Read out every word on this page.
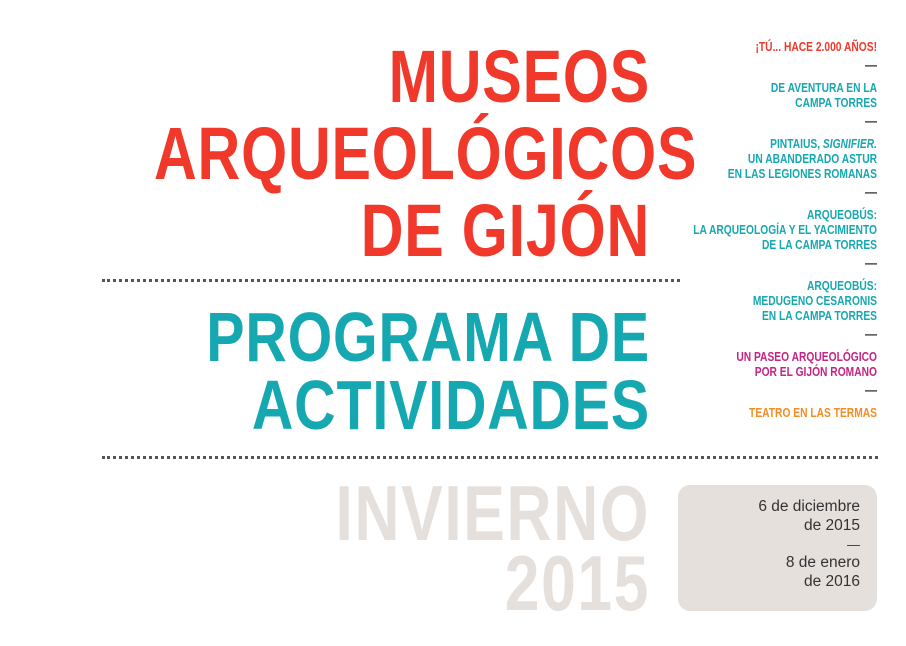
MUSEOS
ARQUEOLÓGICOS
DE GIJÓN
PROGRAMA DE
ACTIVIDADES
INVIERNO
2015
¡TÚ... HACE 2.000 AÑOS!
—
DE AVENTURA EN LA
CAMPA TORRES
—
PINTAIUS, SIGNIFIER.
UN ABANDERADO ASTUR
EN LAS LEGIONES ROMANAS
—
ARQUEOBÚS:
LA ARQUEOLOGÍA Y EL YACIMIENTO
DE LA CAMPA TORRES
—
ARQUEOBÚS:
MEDUGENO CESARONIS
EN LA CAMPA TORRES
—
UN PASEO ARQUEOLÓGICO
POR EL GIJÓN ROMANO
—
TEATRO EN LAS TERMAS
6 de diciembre
de 2015
—
8 de enero
de 2016
